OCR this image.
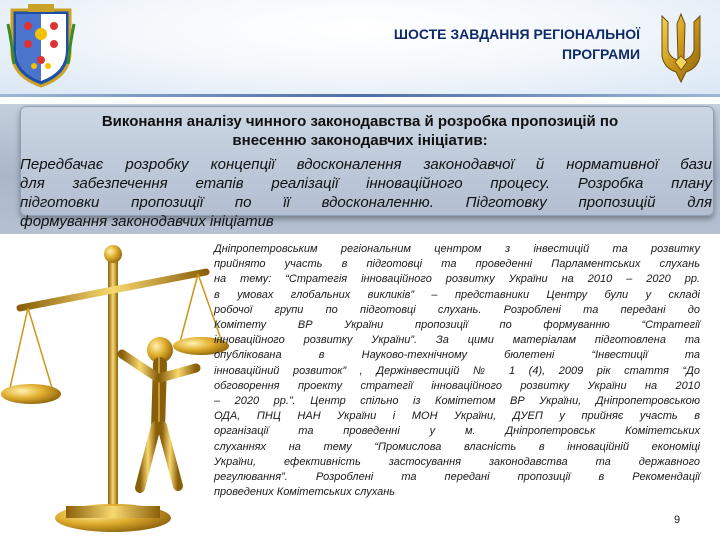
ШОСТЕ ЗАВДАННЯ РЕГІОНАЛЬНОЇ
ПРОГРАМИ
Виконання аналізу чинного законодавства й розробка пропозицій по
внесенню законодавчих ініціатив:
Передбачає розробку концепції вдосконалення законодавчої й нормативної бази
для забезпечення етапів реалізації інноваційного процесу. Розробка плану
підготовки пропозиції по її вдосконаленню. Підготовку пропозицій для
формування законодавчих ініціатив
Дніпропетровським регіональним центром з інвестицій та розвитку
прийнято участь в підготовці та проведенні Парламентських слухань
на тему: “Стратегія інноваційного розвитку України на 2010 – 2020 рр.
в умовах глобальних викликів” – представники Центру були у складі
робочої групи по підготовці слухань. Розроблені та передані до
Комітету ВР України пропозиції по формуванню “Стратегії
інноваційного розвитку України”. За цими матеріалам підготовлена та
опублікована в Науково-технічному бюлетені “Інвестиції та
інноваційний розвиток” , Держінвестицій № 1 (4), 2009 рік стаття “До
обговорення проекту стратегії інноваційного розвитку України на 2010
– 2020 рр.”. Центр спільно із Комітетом ВР України, Дніпропетровською
ОДА, ПНЦ НАН України і МОН України, ДУЕП у прийняє участь в
організації та проведенні у м. Дніпропетровськ Комітетських
слуханнях на тему “Промислова власність в інноваційній економіці
України, ефективність застосування законодавства та державного
регулювання”. Розроблені та передані пропозиції в Рекомендації
проведених Комітетських слухань
9
